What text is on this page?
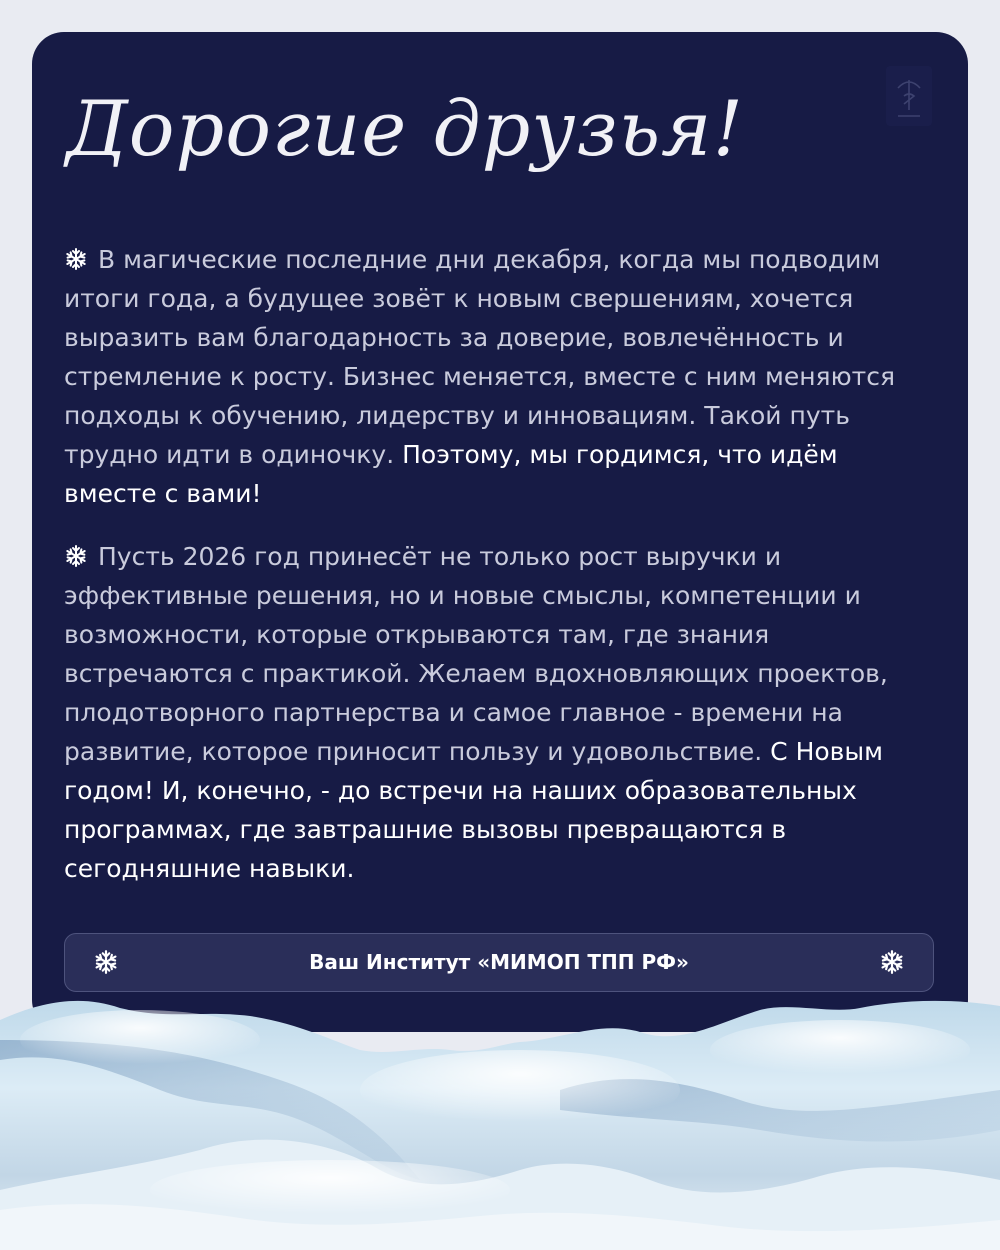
Дорогие друзья!

В магические последние дни декабря, когда мы подводим итоги года, а будущее зовёт к новым свершениям, хочется выразить вам благодарность за доверие, вовлечённость и стремление к росту. Бизнес меняется, вместе с ним меняются подходы к обучению, лидерству и инновациям. Такой путь трудно идти в одиночку. Поэтому, мы гордимся, что идём вместе с вами!

Пусть 2026 год принесёт не только рост выручки и эффективные решения, но и новые смыслы, компетенции и возможности, которые открываются там, где знания встречаются с практикой. Желаем вдохновляющих проектов, плодотворного партнерства и самое главное - времени на развитие, которое приносит пользу и удовольствие. С Новым годом! И, конечно, - до встречи на наших образовательных программах, где завтрашние вызовы превращаются в сегодняшние навыки.

Ваш Институт «МИМОП ТПП РФ»
